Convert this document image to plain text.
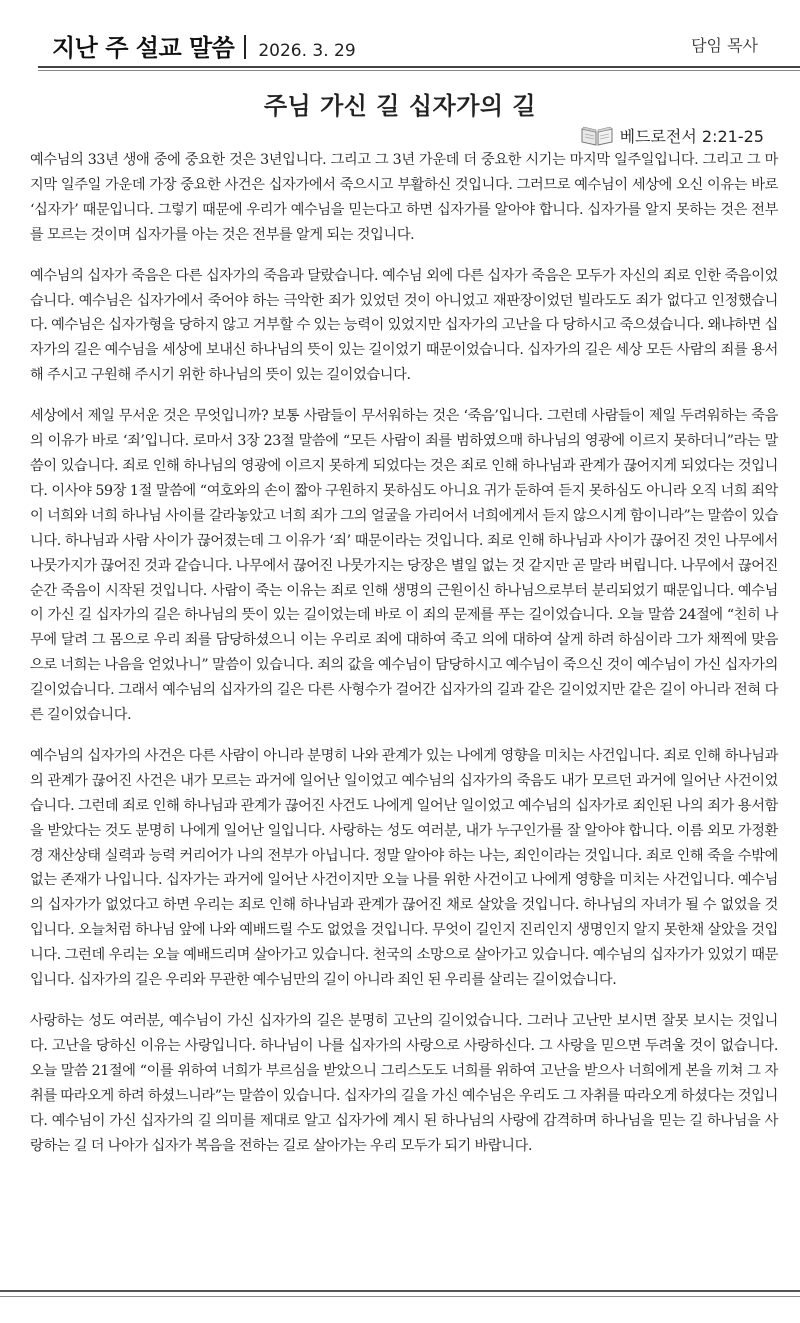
지난 주 설교 말씀 2026. 3. 29	담임 목사
주님 가신 길 십자가의 길
베드로전서 2:21-25

예수님의 33년 생애 중에 중요한 것은 3년입니다. 그리고 그 3년 가운데 더 중요한 시기는 마지막 일주일입니다. 그리고 그 마지막 일주일 가운데 가장 중요한 사건은 십자가에서 죽으시고 부활하신 것입니다. 그러므로 예수님이 세상에 오신 이유는 바로 ‘십자가’ 때문입니다. 그렇기 때문에 우리가 예수님을 믿는다고 하면 십자가를 알아야 합니다. 십자가를 알지 못하는 것은 전부를 모르는 것이며 십자가를 아는 것은 전부를 알게 되는 것입니다.

예수님의 십자가 죽음은 다른 십자가의 죽음과 달랐습니다. 예수님 외에 다른 십자가 죽음은 모두가 자신의 죄로 인한 죽음이었습니다. 예수님은 십자가에서 죽어야 하는 극악한 죄가 있었던 것이 아니었고 재판장이었던 빌라도도 죄가 없다고 인정했습니다. 예수님은 십자가형을 당하지 않고 거부할 수 있는 능력이 있었지만 십자가의 고난을 다 당하시고 죽으셨습니다. 왜냐하면 십자가의 길은 예수님을 세상에 보내신 하나님의 뜻이 있는 길이었기 때문이었습니다. 십자가의 길은 세상 모든 사람의 죄를 용서해 주시고 구원해 주시기 위한 하나님의 뜻이 있는 길이었습니다.

세상에서 제일 무서운 것은 무엇입니까? 보통 사람들이 무서워하는 것은 ‘죽음’입니다. 그런데 사람들이 제일 두려워하는 죽음의 이유가 바로 ‘죄’입니다. 로마서 3장 23절 말씀에 “모든 사람이 죄를 범하였으매 하나님의 영광에 이르지 못하더니”라는 말씀이 있습니다. 죄로 인해 하나님의 영광에 이르지 못하게 되었다는 것은 죄로 인해 하나님과 관계가 끊어지게 되었다는 것입니다. 이사야 59장 1절 말씀에 “여호와의 손이 짧아 구원하지 못하심도 아니요 귀가 둔하여 듣지 못하심도 아니라 오직 너희 죄악이 너희와 너희 하나님 사이를 갈라놓았고 너희 죄가 그의 얼굴을 가리어서 너희에게서 듣지 않으시게 함이니라”는 말씀이 있습니다. 하나님과 사람 사이가 끊어졌는데 그 이유가 ‘죄’ 때문이라는 것입니다. 죄로 인해 하나님과 사이가 끊어진 것인 나무에서 나뭇가지가 끊어진 것과 같습니다. 나무에서 끊어진 나뭇가지는 당장은 별일 없는 것 같지만 곧 말라 버립니다. 나무에서 끊어진 순간 죽음이 시작된 것입니다. 사람이 죽는 이유는 죄로 인해 생명의 근원이신 하나님으로부터 분리되었기 때문입니다. 예수님이 가신 길 십자가의 길은 하나님의 뜻이 있는 길이었는데 바로 이 죄의 문제를 푸는 길이었습니다. 오늘 말씀 24절에 “친히 나무에 달려 그 몸으로 우리 죄를 담당하셨으니 이는 우리로 죄에 대하여 죽고 의에 대하여 살게 하려 하심이라 그가 채찍에 맞음으로 너희는 나음을 얻었나니” 말씀이 있습니다. 죄의 값을 예수님이 담당하시고 예수님이 죽으신 것이 예수님이 가신 십자가의 길이었습니다. 그래서 예수님의 십자가의 길은 다른 사형수가 걸어간 십자가의 길과 같은 길이었지만 같은 길이 아니라 전혀 다른 길이었습니다.

예수님의 십자가의 사건은 다른 사람이 아니라 분명히 나와 관계가 있는 나에게 영향을 미치는 사건입니다. 죄로 인해 하나님과의 관계가 끊어진 사건은 내가 모르는 과거에 일어난 일이었고 예수님의 십자가의 죽음도 내가 모르던 과거에 일어난 사건이었습니다. 그런데 죄로 인해 하나님과 관계가 끊어진 사건도 나에게 일어난 일이었고 예수님의 십자가로 죄인된 나의 죄가 용서함을 받았다는 것도 분명히 나에게 일어난 일입니다. 사랑하는 성도 여러분, 내가 누구인가를 잘 알아야 합니다. 이름 외모 가정환경 재산상태 실력과 능력 커리어가 나의 전부가 아닙니다. 정말 알아야 하는 나는, 죄인이라는 것입니다. 죄로 인해 죽을 수밖에 없는 존재가 나입니다. 십자가는 과거에 일어난 사건이지만 오늘 나를 위한 사건이고 나에게 영향을 미치는 사건입니다. 예수님의 십자가가 없었다고 하면 우리는 죄로 인해 하나님과 관계가 끊어진 채로 살았을 것입니다. 하나님의 자녀가 될 수 없었을 것입니다. 오늘처럼 하나님 앞에 나와 예배드릴 수도 없었을 것입니다. 무엇이 길인지 진리인지 생명인지 알지 못한채 살았을 것입니다. 그런데 우리는 오늘 예배드리며 살아가고 있습니다. 천국의 소망으로 살아가고 있습니다. 예수님의 십자가가 있었기 때문입니다. 십자가의 길은 우리와 무관한 예수님만의 길이 아니라 죄인 된 우리를 살리는 길이었습니다.

사랑하는 성도 여러분, 예수님이 가신 십자가의 길은 분명히 고난의 길이었습니다. 그러나 고난만 보시면 잘못 보시는 것입니다. 고난을 당하신 이유는 사랑입니다. 하나님이 나를 십자가의 사랑으로 사랑하신다. 그 사랑을 믿으면 두려울 것이 없습니다. 오늘 말씀 21절에 “이를 위하여 너희가 부르심을 받았으니 그리스도도 너희를 위하여 고난을 받으사 너희에게 본을 끼쳐 그 자취를 따라오게 하려 하셨느니라”는 말씀이 있습니다. 십자가의 길을 가신 예수님은 우리도 그 자취를 따라오게 하셨다는 것입니다. 예수님이 가신 십자가의 길 의미를 제대로 알고 십자가에 계시 된 하나님의 사랑에 감격하며 하나님을 믿는 길 하나님을 사랑하는 길 더 나아가 십자가 복음을 전하는 길로 살아가는 우리 모두가 되기 바랍니다.
